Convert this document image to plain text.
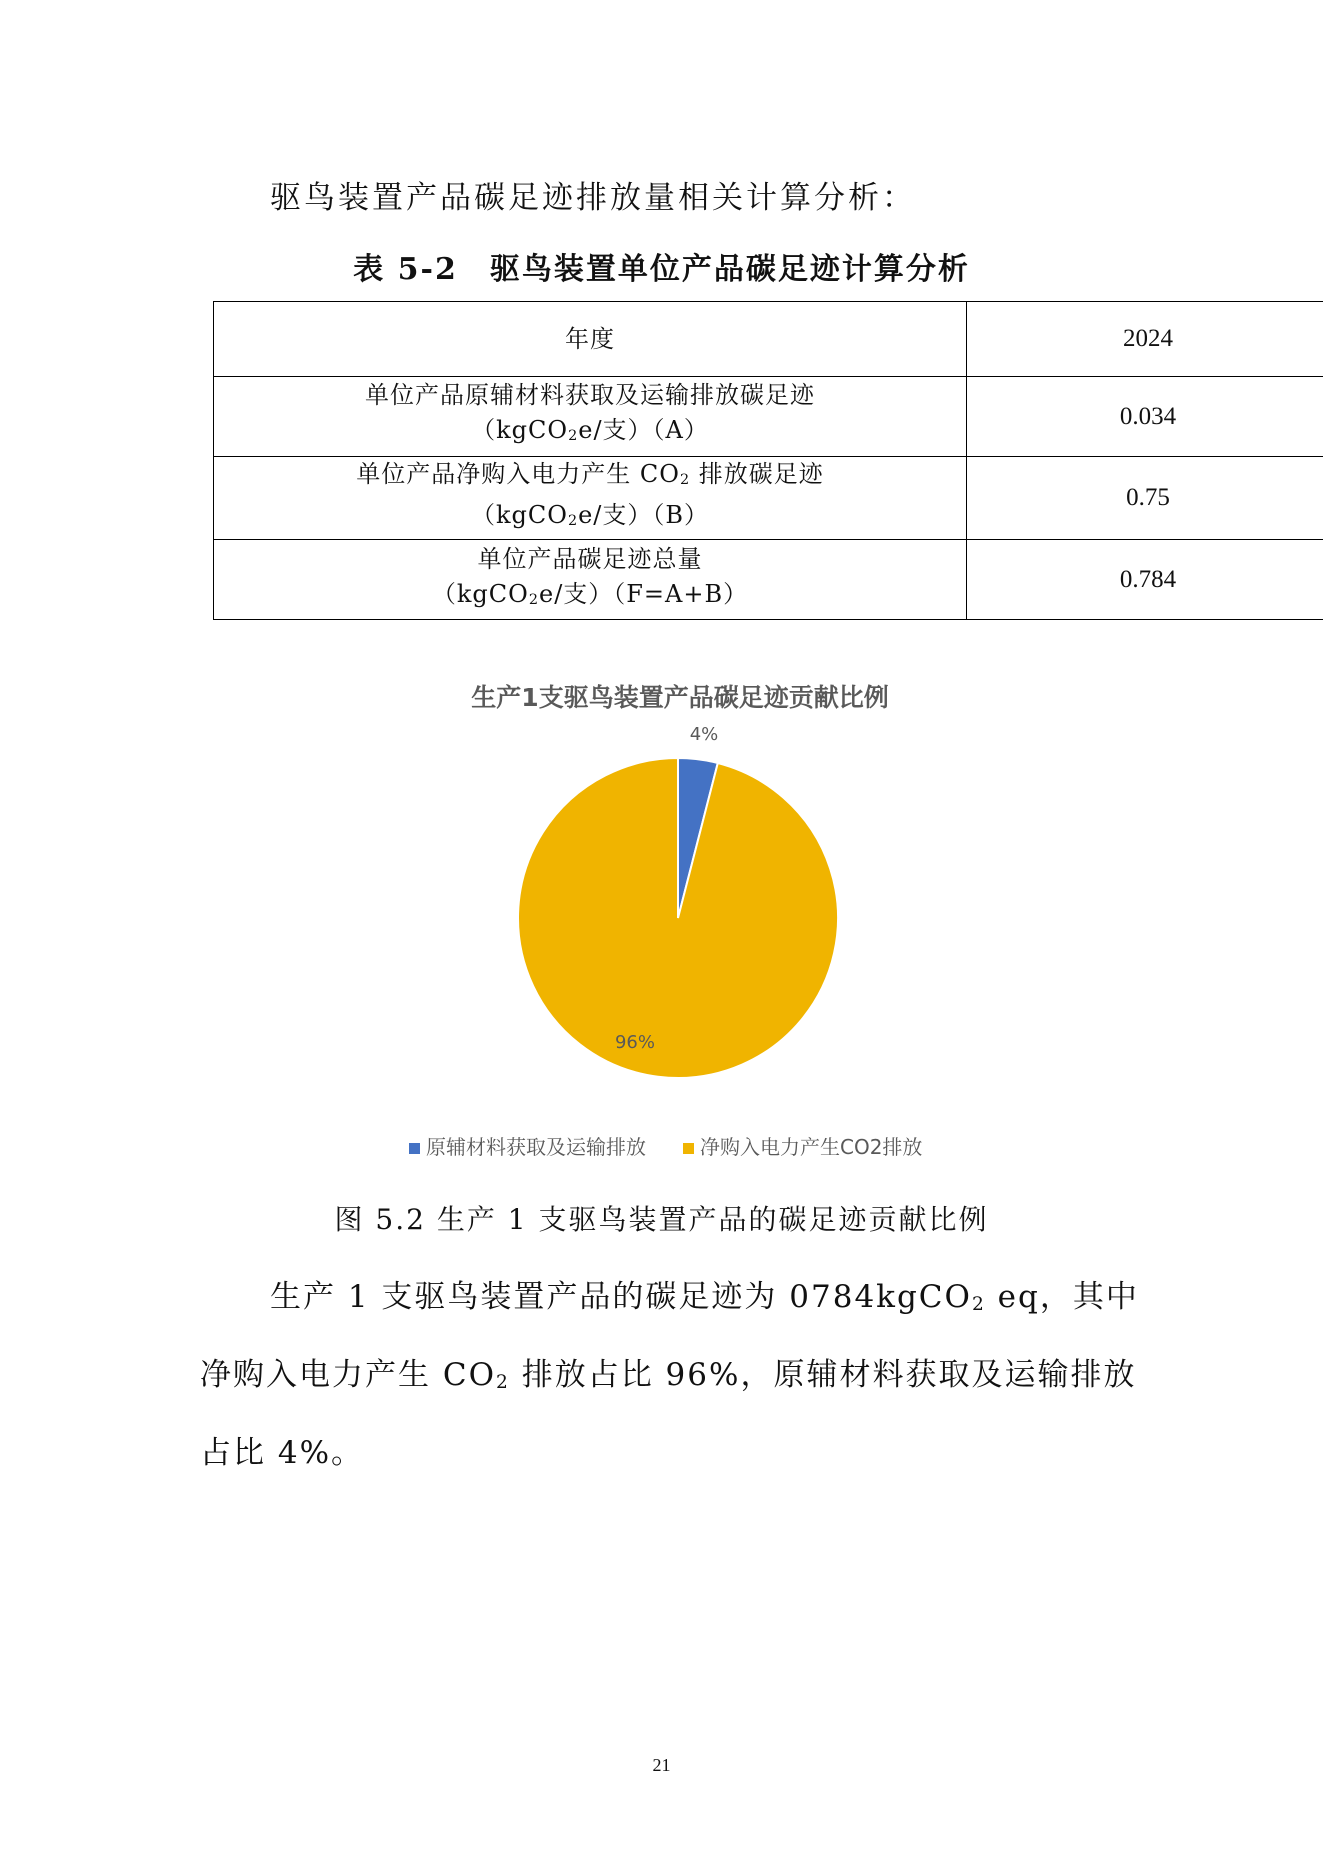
驱鸟装置产品碳足迹排放量相关计算分析：
表 5-2　驱鸟装置单位产品碳足迹计算分析
年度	2024

单位产品原辅材料获取及运输排放碳足迹
（kgCO$_2$e/支）（A）	0.034

单位产品净购入电力产生 $CO_2$ 排放碳足迹
（kgCO$_2$e/支）（B）	0.75

单位产品碳足迹总量
（kgCO$_2$e/支）（F=A+B）	0.784
生产1支驱鸟装置产品碳足迹贡献比例
4%
96%
原辅材料获取及运输排放	净购入电力产生CO2排放
图 5.2 生产 1 支驱鸟装置产品的碳足迹贡献比例
生产 1 支驱鸟装置产品的碳足迹为 0784kgCO$_2$ eq，其中净购入电力产生 $CO_2$ 排放占比 96%，原辅材料获取及运输排放占比 4%。
21
